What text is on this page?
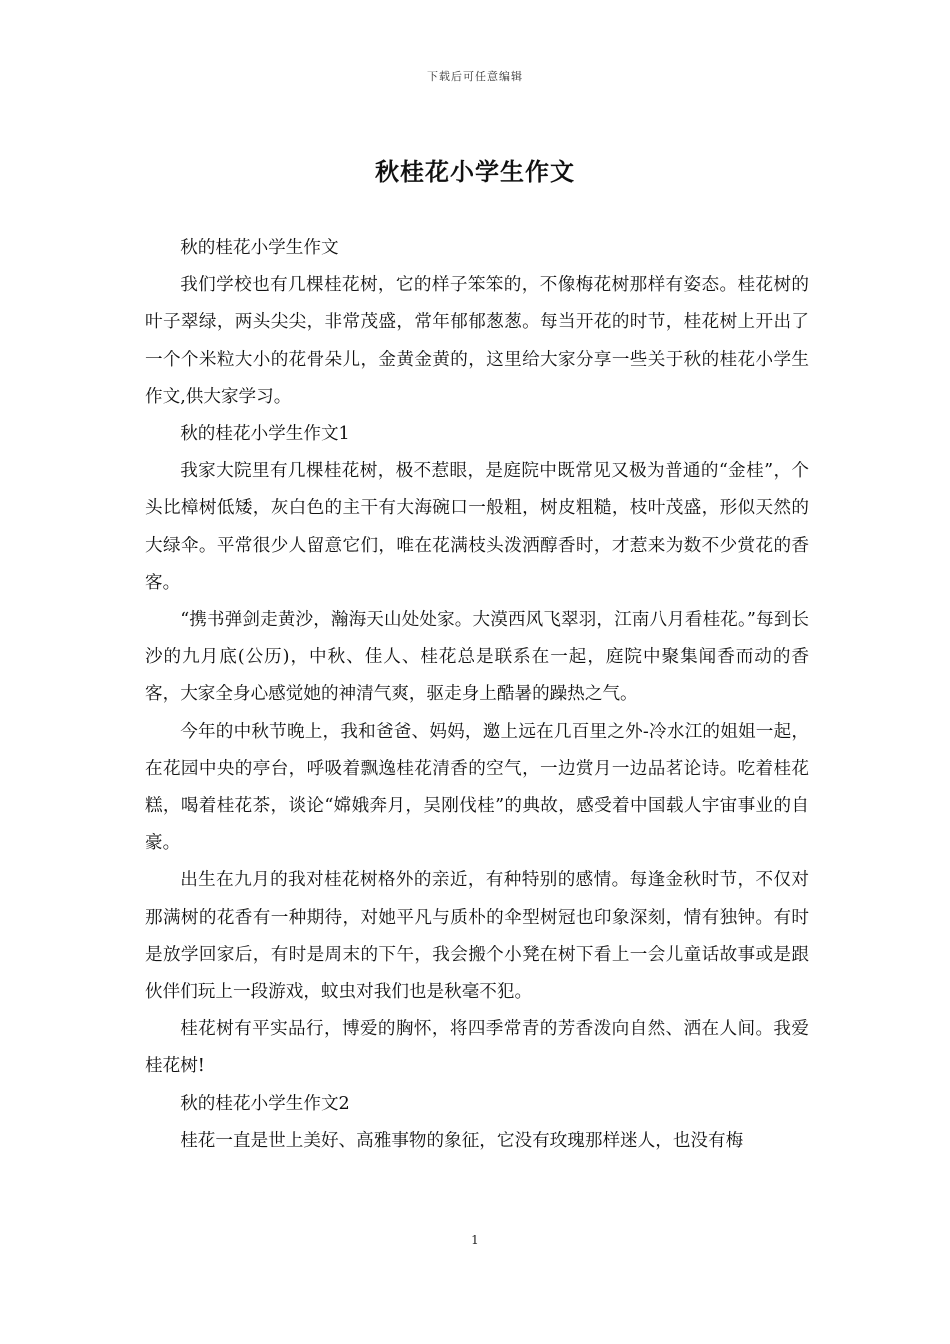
下载后可任意编辑
秋桂花小学生作文

秋的桂花小学生作文

我们学校也有几棵桂花树，它的样子笨笨的，不像梅花树那样有姿态。桂花树的叶子翠绿，两头尖尖，非常茂盛，常年郁郁葱葱。每当开花的时节，桂花树上开出了一个个米粒大小的花骨朵儿，金黄金黄的，这里给大家分享一些关于秋的桂花小学生作文,供大家学习。

秋的桂花小学生作文1

我家大院里有几棵桂花树，极不惹眼，是庭院中既常见又极为普通的“金桂”，个头比樟树低矮，灰白色的主干有大海碗口一般粗，树皮粗糙，枝叶茂盛，形似天然的大绿伞。平常很少人留意它们，唯在花满枝头泼洒醇香时，才惹来为数不少赏花的香客。

“携书弹剑走黄沙，瀚海天山处处家。大漠西风飞翠羽，江南八月看桂花。”每到长沙的九月底(公历)，中秋、佳人、桂花总是联系在一起，庭院中聚集闻香而动的香客，大家全身心感觉她的神清气爽，驱走身上酷暑的躁热之气。

今年的中秋节晚上，我和爸爸、妈妈，邀上远在几百里之外-冷水江的姐姐一起，在花园中央的亭台，呼吸着飘逸桂花清香的空气，一边赏月一边品茗论诗。吃着桂花糕，喝着桂花茶，谈论“嫦娥奔月，吴刚伐桂”的典故，感受着中国载人宇宙事业的自豪。

出生在九月的我对桂花树格外的亲近，有种特别的感情。每逢金秋时节，不仅对那满树的花香有一种期待，对她平凡与质朴的伞型树冠也印象深刻，情有独钟。有时是放学回家后，有时是周末的下午，我会搬个小凳在树下看上一会儿童话故事或是跟伙伴们玩上一段游戏，蚊虫对我们也是秋毫不犯。

桂花树有平实品行，博爱的胸怀，将四季常青的芳香泼向自然、洒在人间。我爱桂花树!

秋的桂花小学生作文2

桂花一直是世上美好、高雅事物的象征，它没有玫瑰那样迷人，也没有梅

1
